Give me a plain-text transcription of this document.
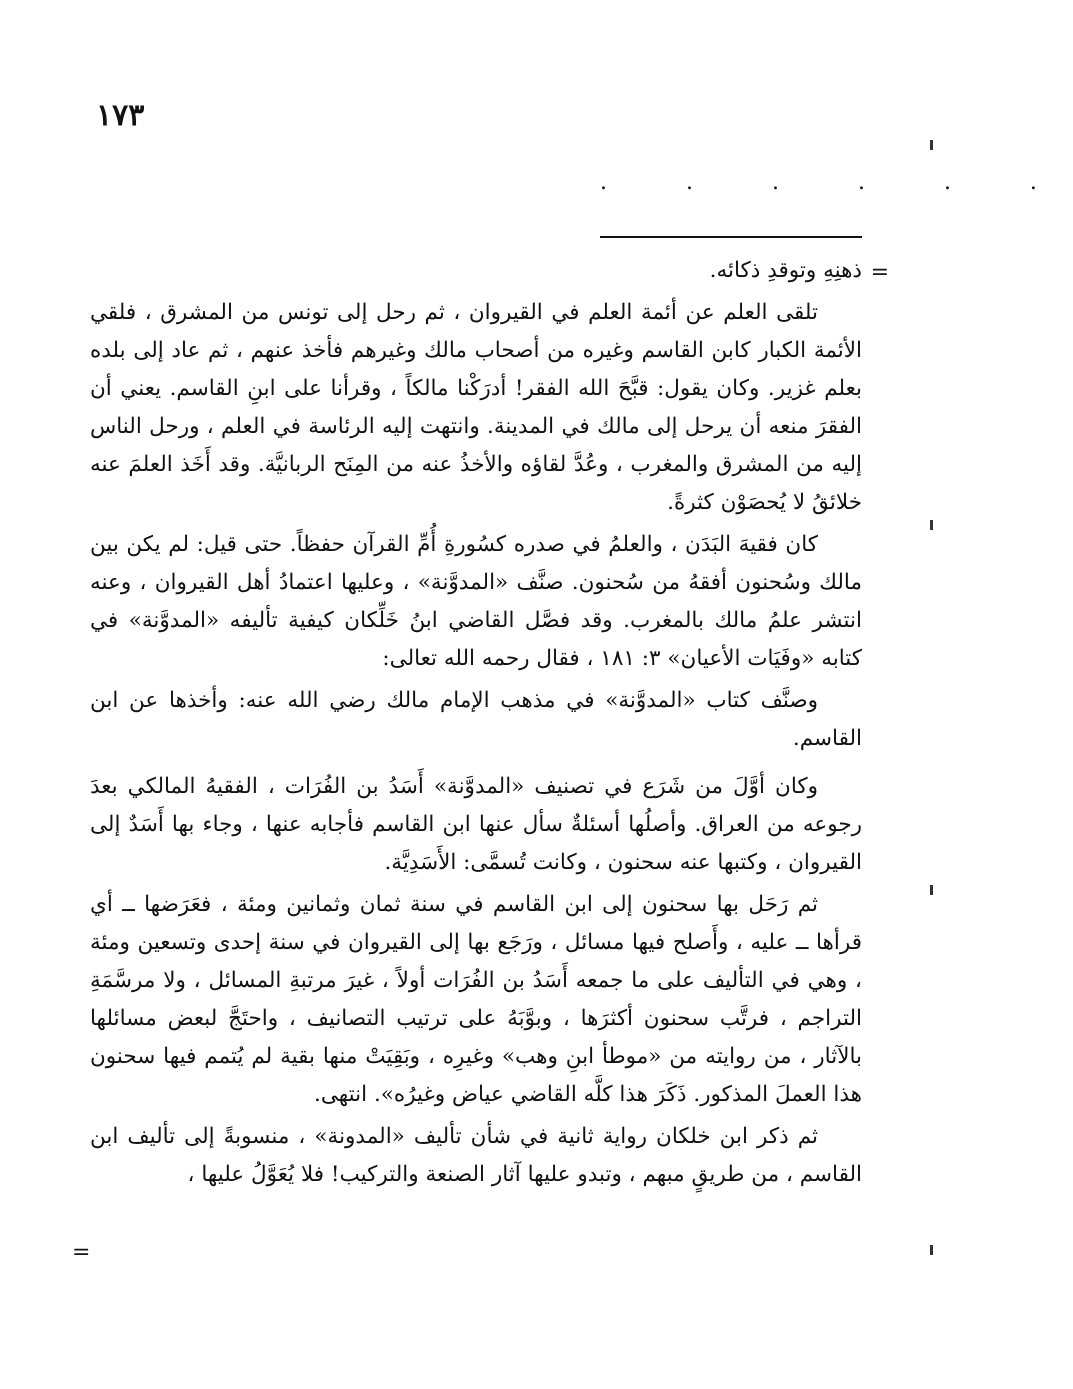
١٧٣
. . . . . .
=

ذهنِهِ وتوقدِ ذكائه.

تلقى العلم عن أئمة العلم في القيروان ، ثم رحل إلى تونس من المشرق ، فلقي الأئمة الكبار كابن القاسم وغيره من أصحاب مالك وغيرهم فأخذ عنهم ، ثم عاد إلى بلده بعلم غزير. وكان يقول: قبَّحَ الله الفقر! أدرَكْنا مالكاً ، وقرأنا على ابنِ القاسم. يعني أن الفقرَ منعه أن يرحل إلى مالك في المدينة. وانتهت إليه الرئاسة في العلم ، ورحل الناس إليه من المشرق والمغرب ، وعُدَّ لقاؤه والأخذُ عنه من المِنَح الربانيَّة. وقد أَخَذ العلمَ عنه خلائقُ لا يُحصَوْن كثرةً.

كان فقيهَ البَدَن ، والعلمُ في صدره كسُورةِ أُمِّ القرآن حفظاً. حتى قيل: لم يكن بين مالك وسُحنون أفقهُ من سُحنون. صنَّف «المدوَّنة» ، وعليها اعتمادُ أهل القيروان ، وعنه انتشر علمُ مالك بالمغرب. وقد فصَّل القاضي ابنُ خَلِّكان كيفية تأليفه «المدوَّنة» في كتابه «وفَيَات الأعيان» ٣: ١٨١ ، فقال رحمه الله تعالى:

وصنَّف كتاب «المدوَّنة» في مذهب الإمام مالك رضي الله عنه: وأخذها عن ابن القاسم.

وكان أوَّلَ من شَرَع في تصنيف «المدوَّنة» أَسَدُ بن الفُرَات ، الفقيهُ المالكي بعدَ رجوعه من العراق. وأصلُها أسئلةٌ سأل عنها ابن القاسم فأجابه عنها ، وجاء بها أَسَدٌ إلى القيروان ، وكتبها عنه سحنون ، وكانت تُسمَّى: الأَسَدِيَّة.

ثم رَحَل بها سحنون إلى ابن القاسم في سنة ثمان وثمانين ومئة ، فعَرَضها ــ أي قرأها ــ عليه ، وأَصلح فيها مسائل ، ورَجَع بها إلى القيروان في سنة إحدى وتسعين ومئة ، وهي في التأليف على ما جمعه أَسَدُ بن الفُرَات أولاً ، غيرَ مرتبةِ المسائل ، ولا مرسَّمَةِ التراجم ، فرتَّب سحنون أكثرَها ، وبوَّبَهُ على ترتيب التصانيف ، واحتَجَّ لبعض مسائلها بالآثار ، من روايته من «موطأ ابنِ وهب» وغيرِه ، وبَقِيَتْ منها بقية لم يُتمم فيها سحنون هذا العملَ المذكور. ذَكَرَ هذا كلَّه القاضي عياض وغيرُه». انتهى.

ثم ذكر ابن خلكان رواية ثانية في شأن تأليف «المدونة» ، منسوبةً إلى تأليف ابن القاسم ، من طريقٍ مبهم ، وتبدو عليها آثار الصنعة والتركيب! فلا يُعَوَّلُ عليها ،

=
